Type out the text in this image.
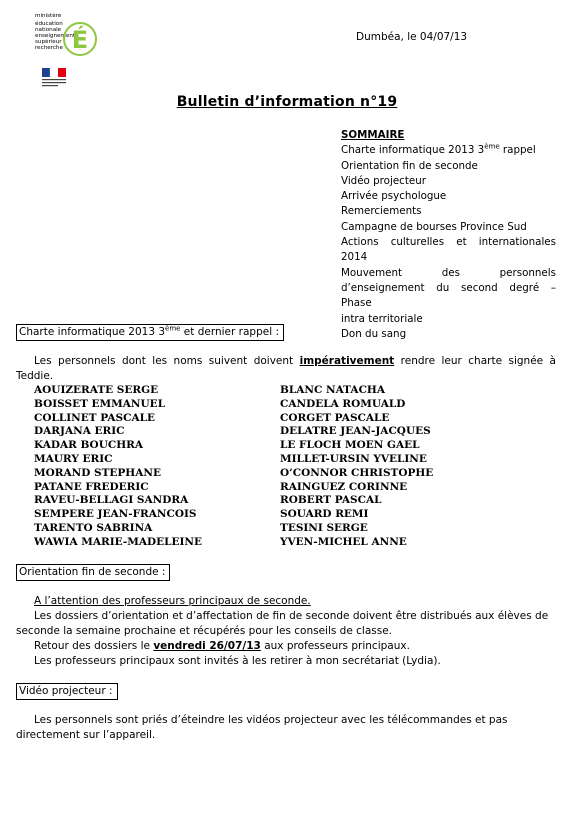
ministère
éducation
nationale
enseignement
supérieur
recherche É	Dumbéa, le 04/07/13
Bulletin d’information n°19
SOMMAIRE
Charte informatique 2013 3ème rappel
Orientation fin de seconde
Vidéo projecteur
Arrivée psychologue
Remerciements
Campagne de bourses Province Sud
Actions culturelles et internationales
2014
Mouvement des personnels
d’enseignement du second degré – Phase
intra territoriale
Don du sang
Charte informatique 2013 3ème et dernier rappel :
Les personnels dont les noms suivent doivent impérativement rendre leur charte signée à
Teddie.
AOUIZERATE SERGE
BOISSET EMMANUEL
COLLINET PASCALE
DARJANA ERIC
KADAR BOUCHRA
MAURY ERIC
MORAND STEPHANE
PATANE FREDERIC
RAVEU-BELLAGI SANDRA
SEMPERE JEAN-FRANCOIS
TARENTO SABRINA
WAWIA MARIE-MADELEINE
BLANC NATACHA
CANDELA ROMUALD
CORGET PASCALE
DELATRE JEAN-JACQUES
LE FLOCH MOEN GAEL
MILLET-URSIN YVELINE
O’CONNOR CHRISTOPHE
RAINGUEZ CORINNE
ROBERT PASCAL
SOUARD REMI
TESINI SERGE
YVEN-MICHEL ANNE
Orientation fin de seconde :
A l’attention des professeurs principaux de seconde.
Les dossiers d’orientation et d’affectation de fin de seconde doivent être distribués aux élèves de
seconde la semaine prochaine et récupérés pour les conseils de classe.
Retour des dossiers le vendredi 26/07/13 aux professeurs principaux.
Les professeurs principaux sont invités à les retirer à mon secrétariat (Lydia).
Vidéo projecteur :
Les personnels sont priés d’éteindre les vidéos projecteur avec les télécommandes et pas
directement sur l’appareil.
